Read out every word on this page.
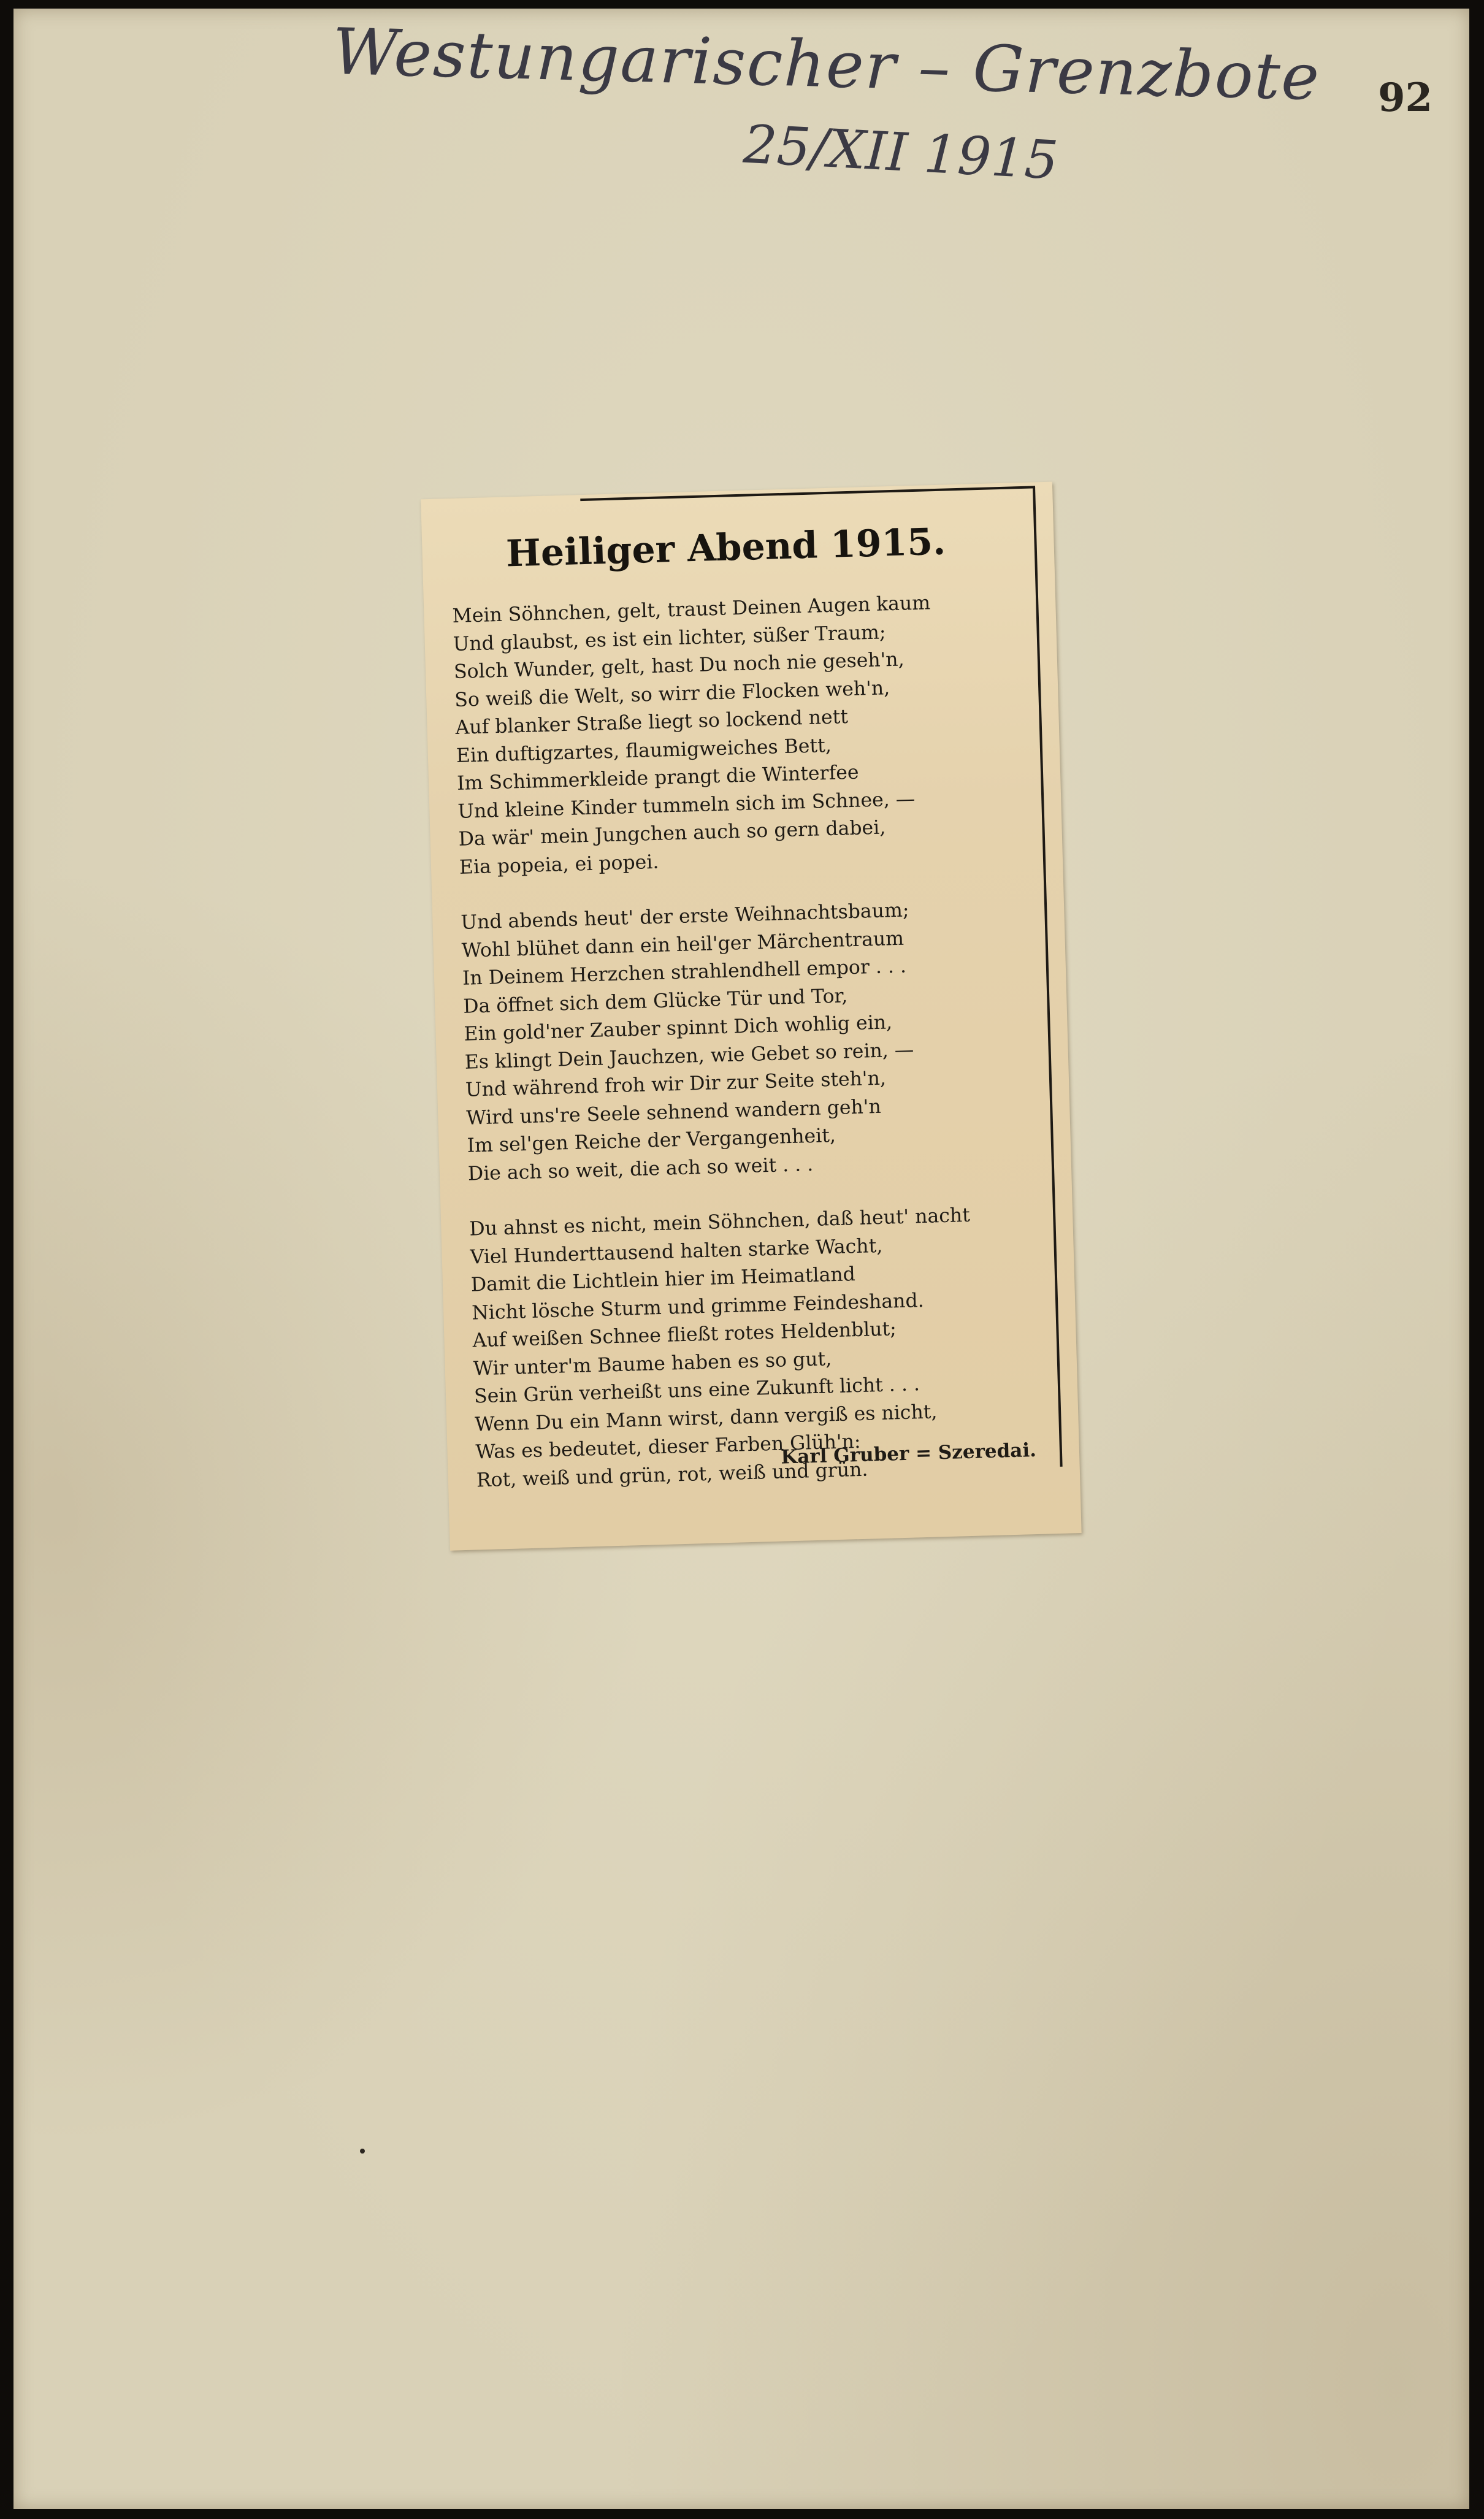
Westungarischer – Grenzbote
25/XII 1915
92
Heiliger Abend 1915.
Mein Söhnchen, gelt, traust Deinen Augen kaum
Und glaubst, es ist ein lichter, süßer Traum;
Solch Wunder, gelt, hast Du noch nie geseh'n,
So weiß die Welt, so wirr die Flocken weh'n,
Auf blanker Straße liegt so lockend nett
Ein duftigzartes, flaumigweiches Bett,
Im Schimmerkleide prangt die Winterfee
Und kleine Kinder tummeln sich im Schnee, —
Da wär' mein Jungchen auch so gern dabei,
Eia popeia, ei popei.
Und abends heut' der erste Weihnachtsbaum;
Wohl blühet dann ein heil'ger Märchentraum
In Deinem Herzchen strahlendhell empor . . .
Da öffnet sich dem Glücke Tür und Tor,
Ein gold'ner Zauber spinnt Dich wohlig ein,
Es klingt Dein Jauchzen, wie Gebet so rein, —
Und während froh wir Dir zur Seite steh'n,
Wird uns're Seele sehnend wandern geh'n
Im sel'gen Reiche der Vergangenheit,
Die ach so weit, die ach so weit . . .
Du ahnst es nicht, mein Söhnchen, daß heut' nacht
Viel Hunderttausend halten starke Wacht,
Damit die Lichtlein hier im Heimatland
Nicht lösche Sturm und grimme Feindeshand.
Auf weißen Schnee fließt rotes Heldenblut;
Wir unter'm Baume haben es so gut,
Sein Grün verheißt uns eine Zukunft licht . . .
Wenn Du ein Mann wirst, dann vergiß es nicht,
Was es bedeutet, dieser Farben Glüh'n:
Rot, weiß und grün, rot, weiß und grün.
Karl Gruber = Szeredai.
